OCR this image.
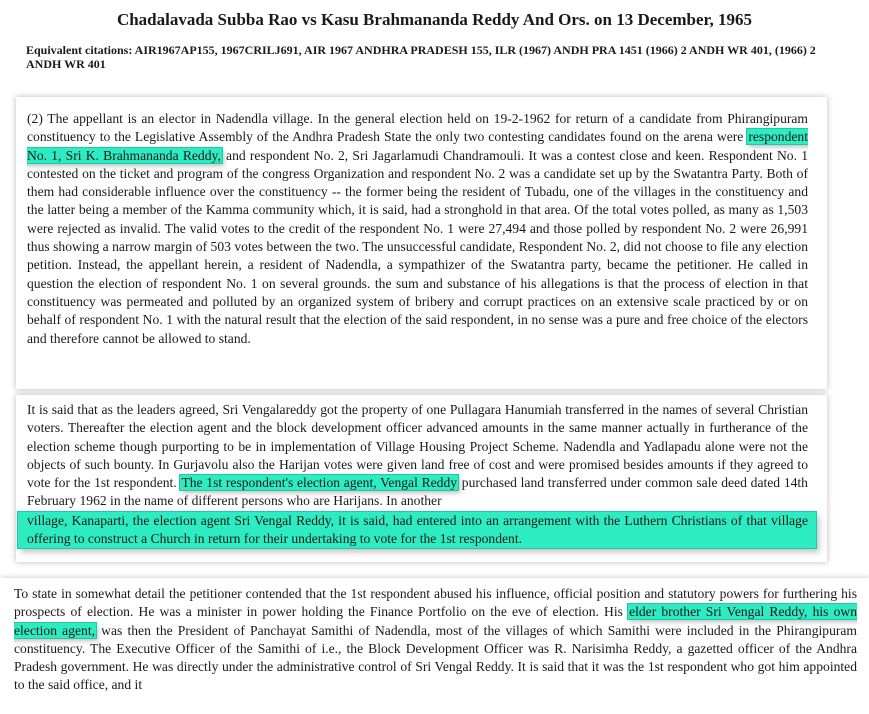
Chadalavada Subba Rao vs Kasu Brahmananda Reddy And Ors. on 13 December, 1965
Equivalent citations: AIR1967AP155, 1967CRILJ691, AIR 1967 ANDHRA PRADESH 155, ILR (1967) ANDH PRA 1451 (1966) 2 ANDH WR 401, (1966) 2 ANDH WR 401

(2) The appellant is an elector in Nadendla village. In the general election held on 19-2-1962 for return of a candidate from Phirangipuram constituency to the Legislative Assembly of the Andhra Pradesh State the only two contesting candidates found on the arena were respondent No. 1, Sri K. Brahmananda Reddy, and respondent No. 2, Sri Jagarlamudi Chandramouli. It was a contest close and keen. Respondent No. 1 contested on the ticket and program of the congress Organization and respondent No. 2 was a candidate set up by the Swatantra Party. Both of them had considerable influence over the constituency -- the former being the resident of Tubadu, one of the villages in the constituency and the latter being a member of the Kamma community which, it is said, had a stronghold in that area. Of the total votes polled, as many as 1,503 were rejected as invalid. The valid votes to the credit of the respondent No. 1 were 27,494 and those polled by respondent No. 2 were 26,991 thus showing a narrow margin of 503 votes between the two. The unsuccessful candidate, Respondent No. 2, did not choose to file any election petition. Instead, the appellant herein, a resident of Nadendla, a sympathizer of the Swatantra party, became the petitioner. He called in question the election of respondent No. 1 on several grounds. the sum and substance of his allegations is that the process of election in that constituency was permeated and polluted by an organized system of bribery and corrupt practices on an extensive scale practiced by or on behalf of respondent No. 1 with the natural result that the election of the said respondent, in no sense was a pure and free choice of the electors and therefore cannot be allowed to stand.

It is said that as the leaders agreed, Sri Vengalareddy got the property of one Pullagara Hanumiah transferred in the names of several Christian voters. Thereafter the election agent and the block development officer advanced amounts in the same manner actually in furtherance of the election scheme though purporting to be in implementation of Village Housing Project Scheme. Nadendla and Yadlapadu alone were not the objects of such bounty. In Gurjavolu also the Harijan votes were given land free of cost and were promised besides amounts if they agreed to vote for the 1st respondent. The 1st respondent's election agent, Vengal Reddy purchased land transferred under common sale deed dated 14th February 1962 in the name of different persons who are Harijans. In another
village, Kanaparti, the election agent Sri Vengal Reddy, it is said, had entered into an arrangement with the Luthern Christians of that village offering to construct a Church in return for their undertaking to vote for the 1st respondent.

To state in somewhat detail the petitioner contended that the 1st respondent abused his influence, official position and statutory powers for furthering his prospects of election. He was a minister in power holding the Finance Portfolio on the eve of election. His elder brother Sri Vengal Reddy, his own election agent, was then the President of Panchayat Samithi of Nadendla, most of the villages of which Samithi were included in the Phirangipuram constituency. The Executive Officer of the Samithi of i.e., the Block Development Officer was R. Narisimha Reddy, a gazetted officer of the Andhra Pradesh government. He was directly under the administrative control of Sri Vengal Reddy. It is said that it was the 1st respondent who got him appointed to the said office, and it
